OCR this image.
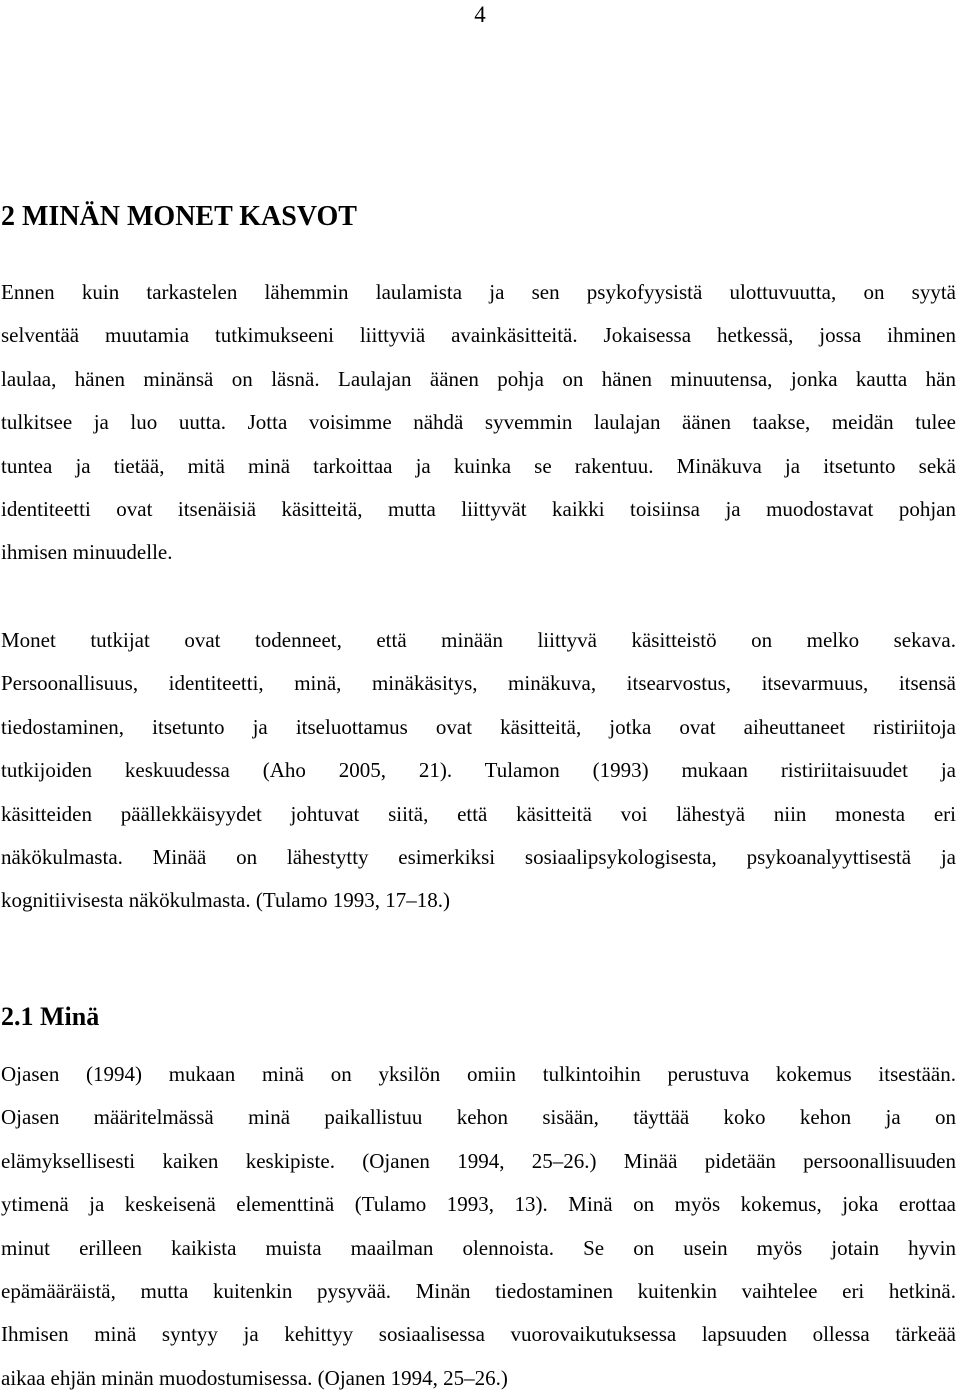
4
2 MINÄN MONET KASVOT
Ennen kuin tarkastelen lähemmin laulamista ja sen psykofyysistä ulottuvuutta, on syytä
selventää muutamia tutkimukseeni liittyviä avainkäsitteitä. Jokaisessa hetkessä, jossa ihminen
laulaa, hänen minänsä on läsnä. Laulajan äänen pohja on hänen minuutensa, jonka kautta hän
tulkitsee ja luo uutta. Jotta voisimme nähdä syvemmin laulajan äänen taakse, meidän tulee
tuntea ja tietää, mitä minä tarkoittaa ja kuinka se rakentuu. Minäkuva ja itsetunto sekä
identiteetti ovat itsenäisiä käsitteitä, mutta liittyvät kaikki toisiinsa ja muodostavat pohjan
ihmisen minuudelle.
Monet tutkijat ovat todenneet, että minään liittyvä käsitteistö on melko sekava.
Persoonallisuus, identiteetti, minä, minäkäsitys, minäkuva, itsearvostus, itsevarmuus, itsensä
tiedostaminen, itsetunto ja itseluottamus ovat käsitteitä, jotka ovat aiheuttaneet ristiriitoja
tutkijoiden keskuudessa (Aho 2005, 21). Tulamon (1993) mukaan ristiriitaisuudet ja
käsitteiden päällekkäisyydet johtuvat siitä, että käsitteitä voi lähestyä niin monesta eri
näkökulmasta. Minää on lähestytty esimerkiksi sosiaalipsykologisesta, psykoanalyyttisestä ja
kognitiivisesta näkökulmasta. (Tulamo 1993, 17–18.)
2.1 Minä
Ojasen (1994) mukaan minä on yksilön omiin tulkintoihin perustuva kokemus itsestään.
Ojasen määritelmässä minä paikallistuu kehon sisään, täyttää koko kehon ja on
elämyksellisesti kaiken keskipiste. (Ojanen 1994, 25–26.) Minää pidetään persoonallisuuden
ytimenä ja keskeisenä elementtinä (Tulamo 1993, 13). Minä on myös kokemus, joka erottaa
minut erilleen kaikista muista maailman olennoista. Se on usein myös jotain hyvin
epämääräistä, mutta kuitenkin pysyvää. Minän tiedostaminen kuitenkin vaihtelee eri hetkinä.
Ihmisen minä syntyy ja kehittyy sosiaalisessa vuorovaikutuksessa lapsuuden ollessa tärkeää
aikaa ehjän minän muodostumisessa. (Ojanen 1994, 25–26.)
